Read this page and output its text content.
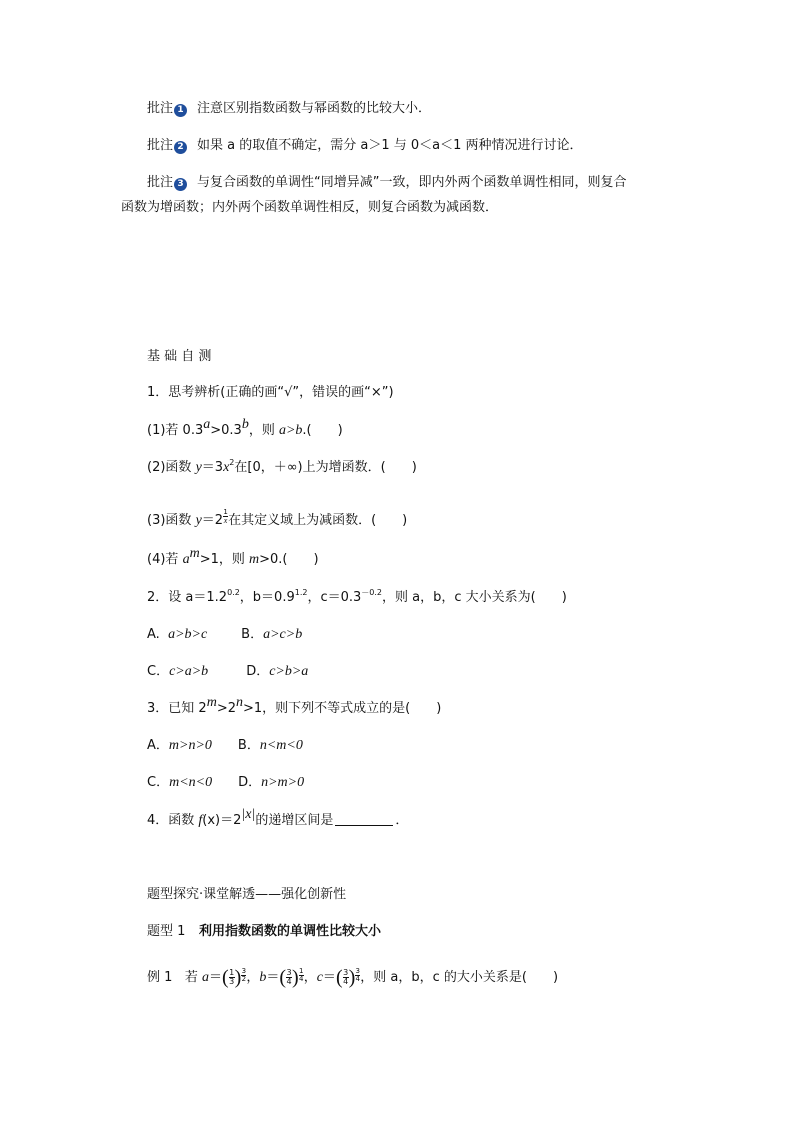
批注 1 注意区别指数函数与幂函数的比较大小．
批注 2 如果 a 的取值不确定，需分 a＞1 与 0＜a＜1 两种情况进行讨论．
批注 3 与复合函数的单调性“同增异减”一致，即内外两个函数单调性相同，则复合
函数为增函数；内外两个函数单调性相反，则复合函数为减函数．
基 础 自 测
1．思考辨析(正确的画“√”，错误的画“×”)
(1)若 0.3$^a$>0.3$^b$，则 a>b.(　　)
(2)函数 $y=3x^2$在[0，＋∞)上为增函数．(　　)
(3)函数 $y=2 \frac{1}{x}$ 在其定义域上为减函数．(　　)
(4)若 $a^m>1$，则 m>0.(　　)
2．设 $a=1.2^{0.2}$，$b=0.9^{1.2}$，$c=0.3^{-0.2}$，则 a，b，c 大小关系为(　　)
A. a>b>c	B．a>c>b
C．c>a>b	D．c>b>a
3．已知 $2^m>2^n>1$，则下列不等式成立的是(　　)
A．m>n>0 B．n<m<0
C．m<n<0 D．n>m>0
4．函数 $f(x)=2^{|x|}$的递增区间是	．
题型探究·课堂解透——强化创新性
题型 1 利用指数函数的单调性比较大小
例 1 若 $a=( \frac{1}{3}$ ) $\frac{3}{2}$ ，$b=( \frac{3}{4}$ ) $\frac{1}{4}$ ，$c=( \frac{3}{4}$ ) $\frac{3}{4}$ ，则 a，b，c 的大小关系是(　　)
